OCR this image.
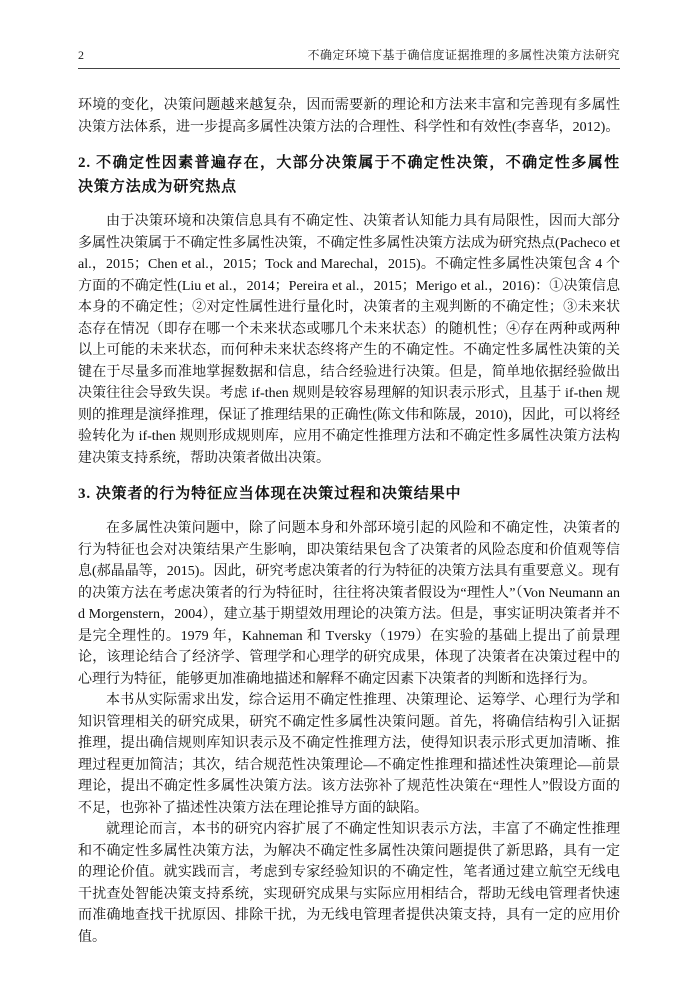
2	不确定环境下基于确信度证据推理的多属性决策方法研究

环境的变化，决策问题越来越复杂，因而需要新的理论和方法来丰富和完善现有多属性决策方法体系，进一步提高多属性决策方法的合理性、科学性和有效性(李喜华，2012)。

2. 不确定性因素普遍存在，大部分决策属于不确定性决策，不确定性多属性决策方法成为研究热点

由于决策环境和决策信息具有不确定性、决策者认知能力具有局限性，因而大部分多属性决策属于不确定性多属性决策，不确定性多属性决策方法成为研究热点(Pacheco et al.，2015；Chen et al.，2015；Tock and Marechal，2015)。不确定性多属性决策包含 4 个方面的不确定性(Liu et al.，2014；Pereira et al.，2015；Merigo et al.，2016)：①决策信息本身的不确定性；②对定性属性进行量化时，决策者的主观判断的不确定性；③未来状态存在情况（即存在哪一个未来状态或哪几个未来状态）的随机性；④存在两种或两种以上可能的未来状态，而何种未来状态终将产生的不确定性。不确定性多属性决策的关键在于尽量多而准地掌握数据和信息，结合经验进行决策。但是，简单地依据经验做出决策往往会导致失误。考虑 if-then 规则是较容易理解的知识表示形式，且基于 if-then 规则的推理是演绎推理，保证了推理结果的正确性(陈文伟和陈晟，2010)，因此，可以将经验转化为 if-then 规则形成规则库，应用不确定性推理方法和不确定性多属性决策方法构建决策支持系统，帮助决策者做出决策。

3. 决策者的行为特征应当体现在决策过程和决策结果中

在多属性决策问题中，除了问题本身和外部环境引起的风险和不确定性，决策者的行为特征也会对决策结果产生影响，即决策结果包含了决策者的风险态度和价值观等信息(郝晶晶等，2015)。因此，研究考虑决策者的行为特征的决策方法具有重要意义。现有的决策方法在考虑决策者的行为特征时，往往将决策者假设为“理性人”（Von Neumann and Morgenstern，2004），建立基于期望效用理论的决策方法。但是，事实证明决策者并不是完全理性的。1979 年，Kahneman 和 Tversky（1979）在实验的基础上提出了前景理论，该理论结合了经济学、管理学和心理学的研究成果，体现了决策者在决策过程中的心理行为特征，能够更加准确地描述和解释不确定因素下决策者的判断和选择行为。

本书从实际需求出发，综合运用不确定性推理、决策理论、运筹学、心理行为学和知识管理相关的研究成果，研究不确定性多属性决策问题。首先，将确信结构引入证据推理，提出确信规则库知识表示及不确定性推理方法，使得知识表示形式更加清晰、推理过程更加简洁；其次，结合规范性决策理论—不确定性推理和描述性决策理论—前景理论，提出不确定性多属性决策方法。该方法弥补了规范性决策在“理性人”假设方面的不足，也弥补了描述性决策方法在理论推导方面的缺陷。

就理论而言，本书的研究内容扩展了不确定性知识表示方法，丰富了不确定性推理和不确定性多属性决策方法，为解决不确定性多属性决策问题提供了新思路，具有一定的理论价值。就实践而言，考虑到专家经验知识的不确定性，笔者通过建立航空无线电干扰查处智能决策支持系统，实现研究成果与实际应用相结合，帮助无线电管理者快速而准确地查找干扰原因、排除干扰，为无线电管理者提供决策支持，具有一定的应用价值。
